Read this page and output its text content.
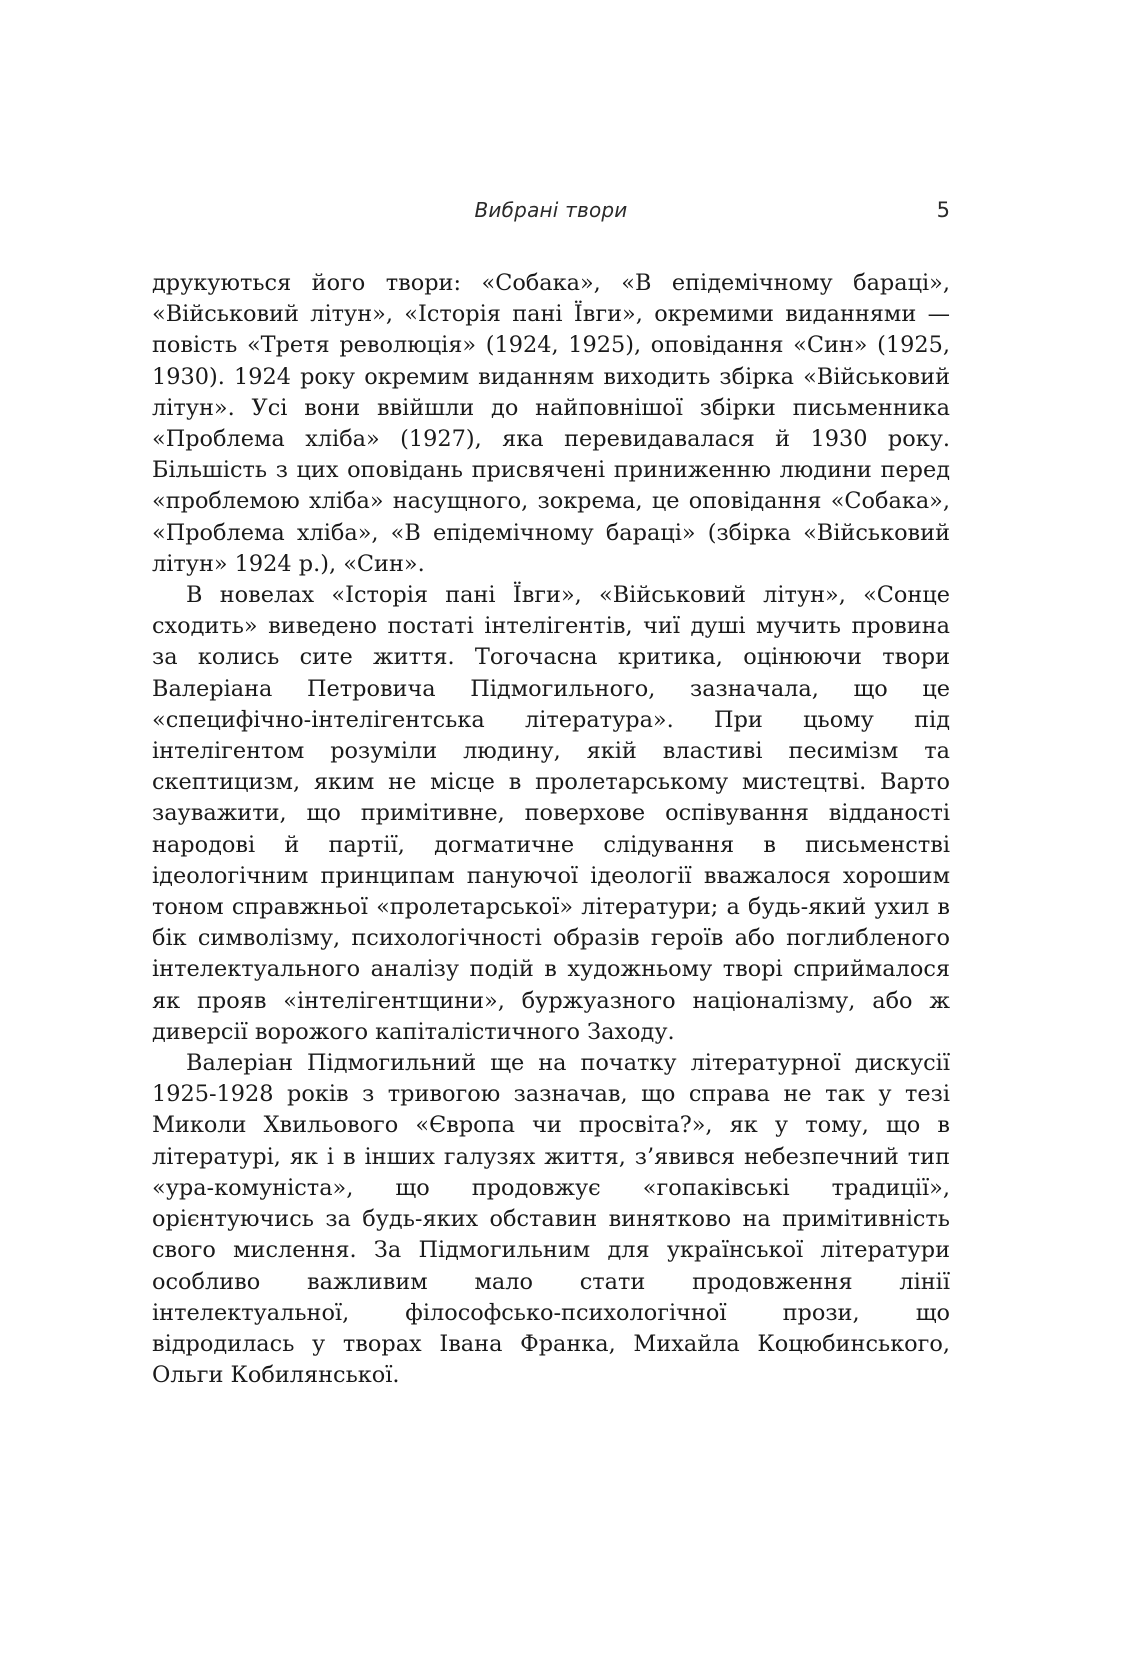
Вибрані твори	5

друкуються його твори: «Собака», «В епідемічному бараці», «Військовий літун», «Історія пані Ївги», окремими виданнями — повість «Третя революція» (1924, 1925), оповідання «Син» (1925, 1930). 1924 року окремим виданням виходить збірка «Військовий літун». Усі вони ввійшли до найповнішої збірки письменника «Проблема хліба» (1927), яка перевидавалася й 1930 року. Більшість з цих оповідань присвячені приниженню людини перед «проблемою хліба» насущного, зокрема, це оповідання «Собака», «Проблема хліба», «В епідемічному бараці» (збірка «Військовий літун» 1924 р.), «Син».

В новелах «Історія пані Ївги», «Військовий літун», «Сонце сходить» виведено постаті інтелігентів, чиї душі мучить провина за колись сите життя. Тогочасна критика, оцінюючи твори Валеріана Петровича Підмогильного, зазначала, що це «специфічно-інтелігентська література». При цьому під інтелігентом розуміли людину, якій властиві песимізм та скептицизм, яким не місце в пролетарському мистецтві. Варто зауважити, що примітивне, поверхове оспівування відданості народові й партії, догматичне слідування в письменстві ідеологічним принципам пануючої ідеології вважалося хорошим тоном справжньої «пролетарської» літератури; а будь-який ухил в бік символізму, психологічності образів героїв або поглибленого інтелектуального аналізу подій в художньому творі сприймалося як прояв «інтелігентщини», буржуазного націоналізму, або ж диверсії ворожого капіталістичного Заходу.

Валеріан Підмогильний ще на початку літературної дискусії 1925-1928 років з тривогою зазначав, що справа не так у тезі Миколи Хвильового «Європа чи просвіта?», як у тому, що в літературі, як і в інших галузях життя, з’явився небезпечний тип «ура-комуніста», що продовжує «гопаківські традиції», орієнтуючись за будь-яких обставин винятково на примітивність свого мислення. За Підмогильним для української літератури особливо важливим мало стати продовження лінії інтелектуальної, філософсько-психологічної прози, що відродилась у творах Івана Франка, Михайла Коцюбинського, Ольги Кобилянської.
